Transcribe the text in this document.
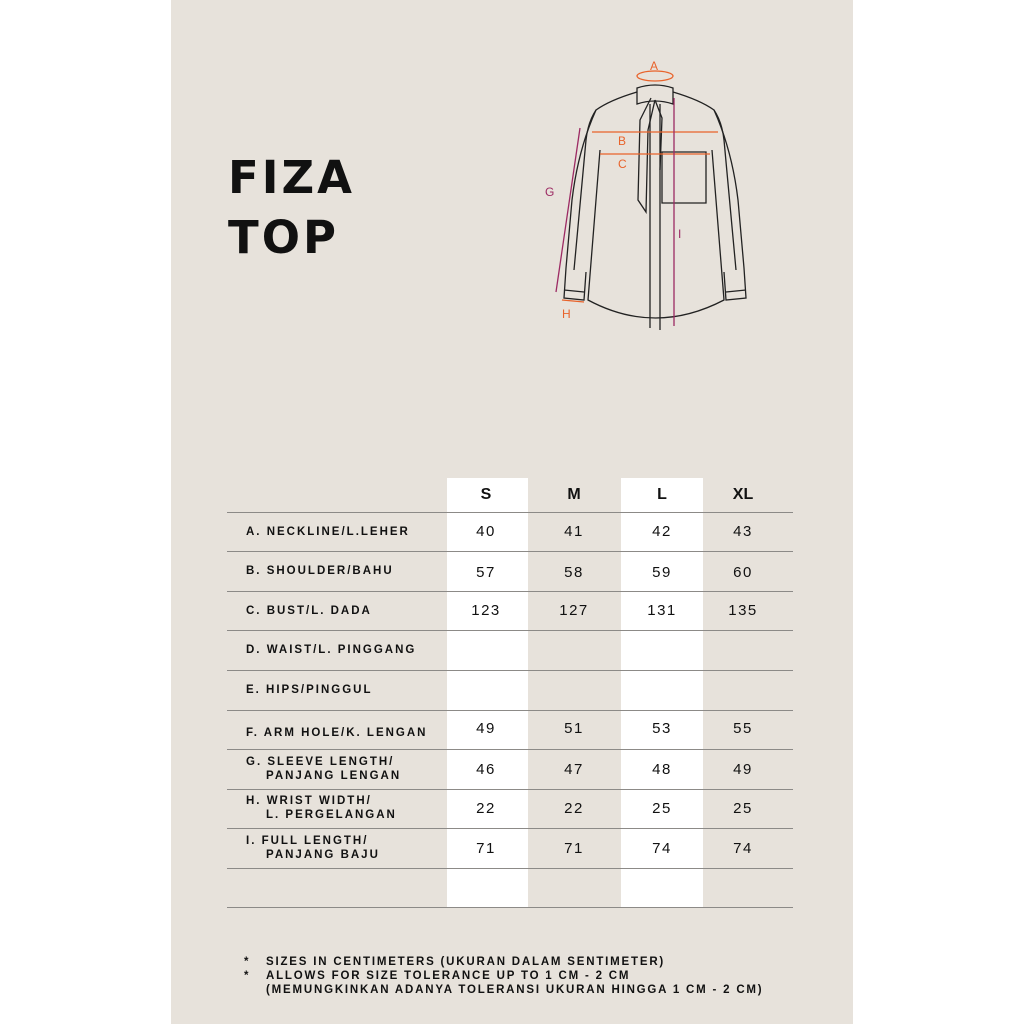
FIZA
TOP
A
B
C
G
H
I
S	M	L	XL
A. NECKLINE/L.LEHER	40	41	42	43
B. SHOULDER/BAHU	57	58	59	60
C. BUST/L. DADA	123	127	131	135
D. WAIST/L. PINGGANG
E. HIPS/PINGGUL
F. ARM HOLE/K. LENGAN	49	51	53	55
G. SLEEVE LENGTH/
PANJANG LENGAN	46	47	48	49
H. WRIST WIDTH/
L. PERGELANGAN	22	22	25	25
I. FULL LENGTH/
PANJANG BAJU	71	71	74	74
* SIZES IN CENTIMETERS (UKURAN DALAM SENTIMETER)
* ALLOWS FOR SIZE TOLERANCE UP TO 1 CM - 2 CM
(MEMUNGKINKAN ADANYA TOLERANSI UKURAN HINGGA 1 CM - 2 CM)
